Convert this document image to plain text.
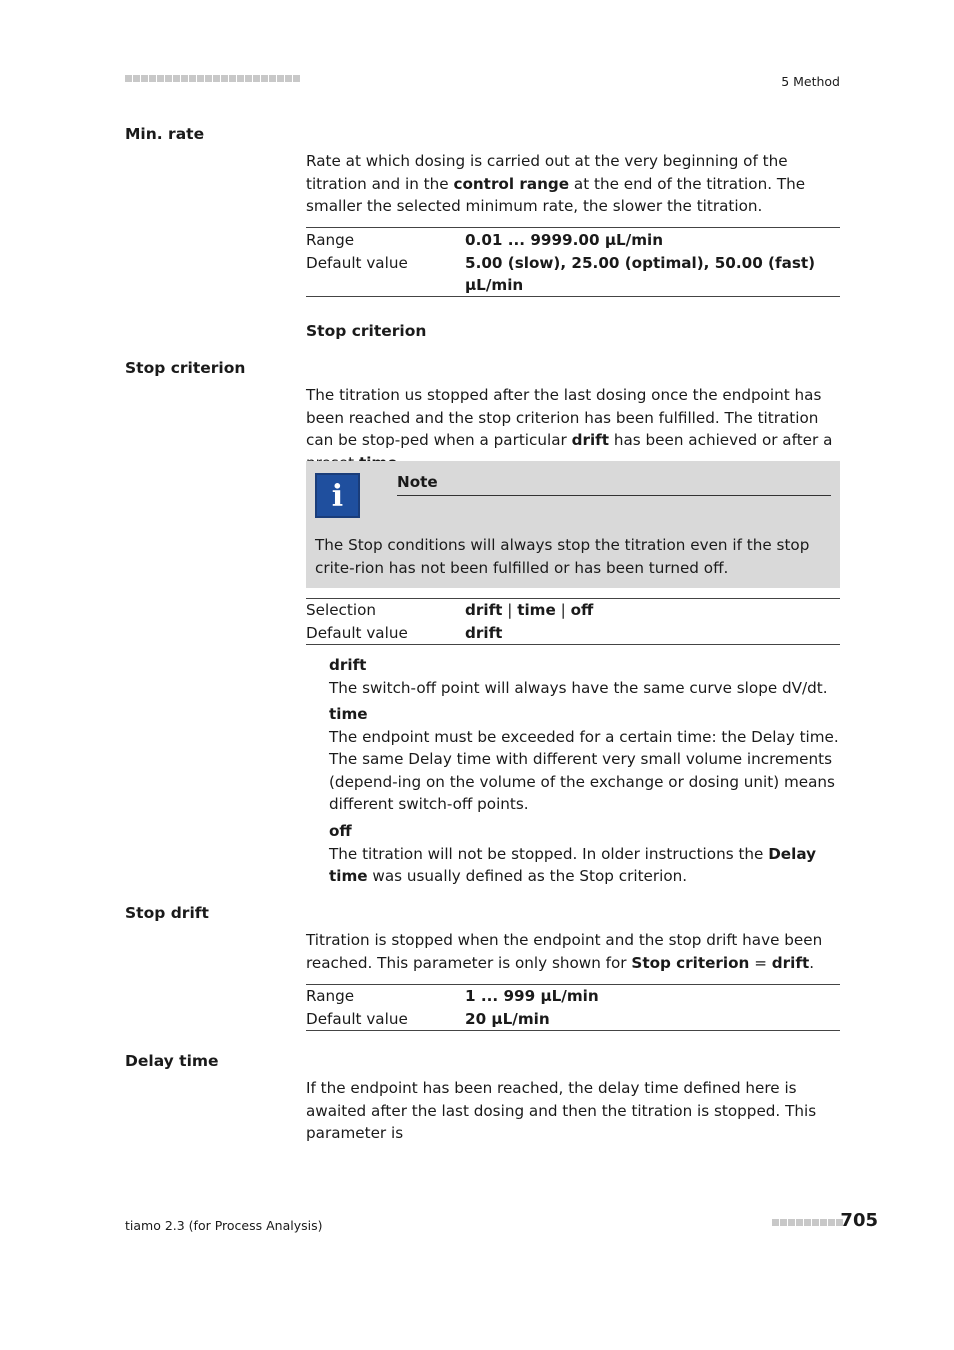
5 Method
Min. rate

Rate at which dosing is carried out at the very beginning of the titration and in the control range at the end of the titration. The smaller the selected minimum rate, the slower the titration.

Range	0.01 ... 9999.00 µL/min
Default value	5.00 (slow), 25.00 (optimal), 50.00 (fast) µL/min
Stop criterion
Stop criterion

The titration us stopped after the last dosing once the endpoint has been reached and the stop criterion has been fulfilled. The titration can be stop-ped when a particular drift has been achieved or after a

i	Note
The Stop conditions will always stop the titration even if the stop crite-rion has not been fulfilled or has been turned off.
Selection	drift | time | off
Default value	drift
drift

The switch-off point will always have the same curve slope dV/dt.

time

The endpoint must be exceeded for a certain time: the Delay time. The same Delay time with different very small volume increments (depend-ing on the volume of the exchange or dosing unit) means different switch-off points.

off

The titration will not be stopped. In older instructions the Delay time was usually defined as the Stop criterion.

Stop drift

Titration is stopped when the endpoint and the stop drift have been reached. This parameter is only shown for Stop criterion = drift.

Range	1 ... 999 µL/min
Default value	20 µL/min
Delay time

If the endpoint has been reached, the delay time defined here is awaited after the last dosing and then the titration is stopped. This parameter is

tiamo 2.3 (for Process Analysis)	705
